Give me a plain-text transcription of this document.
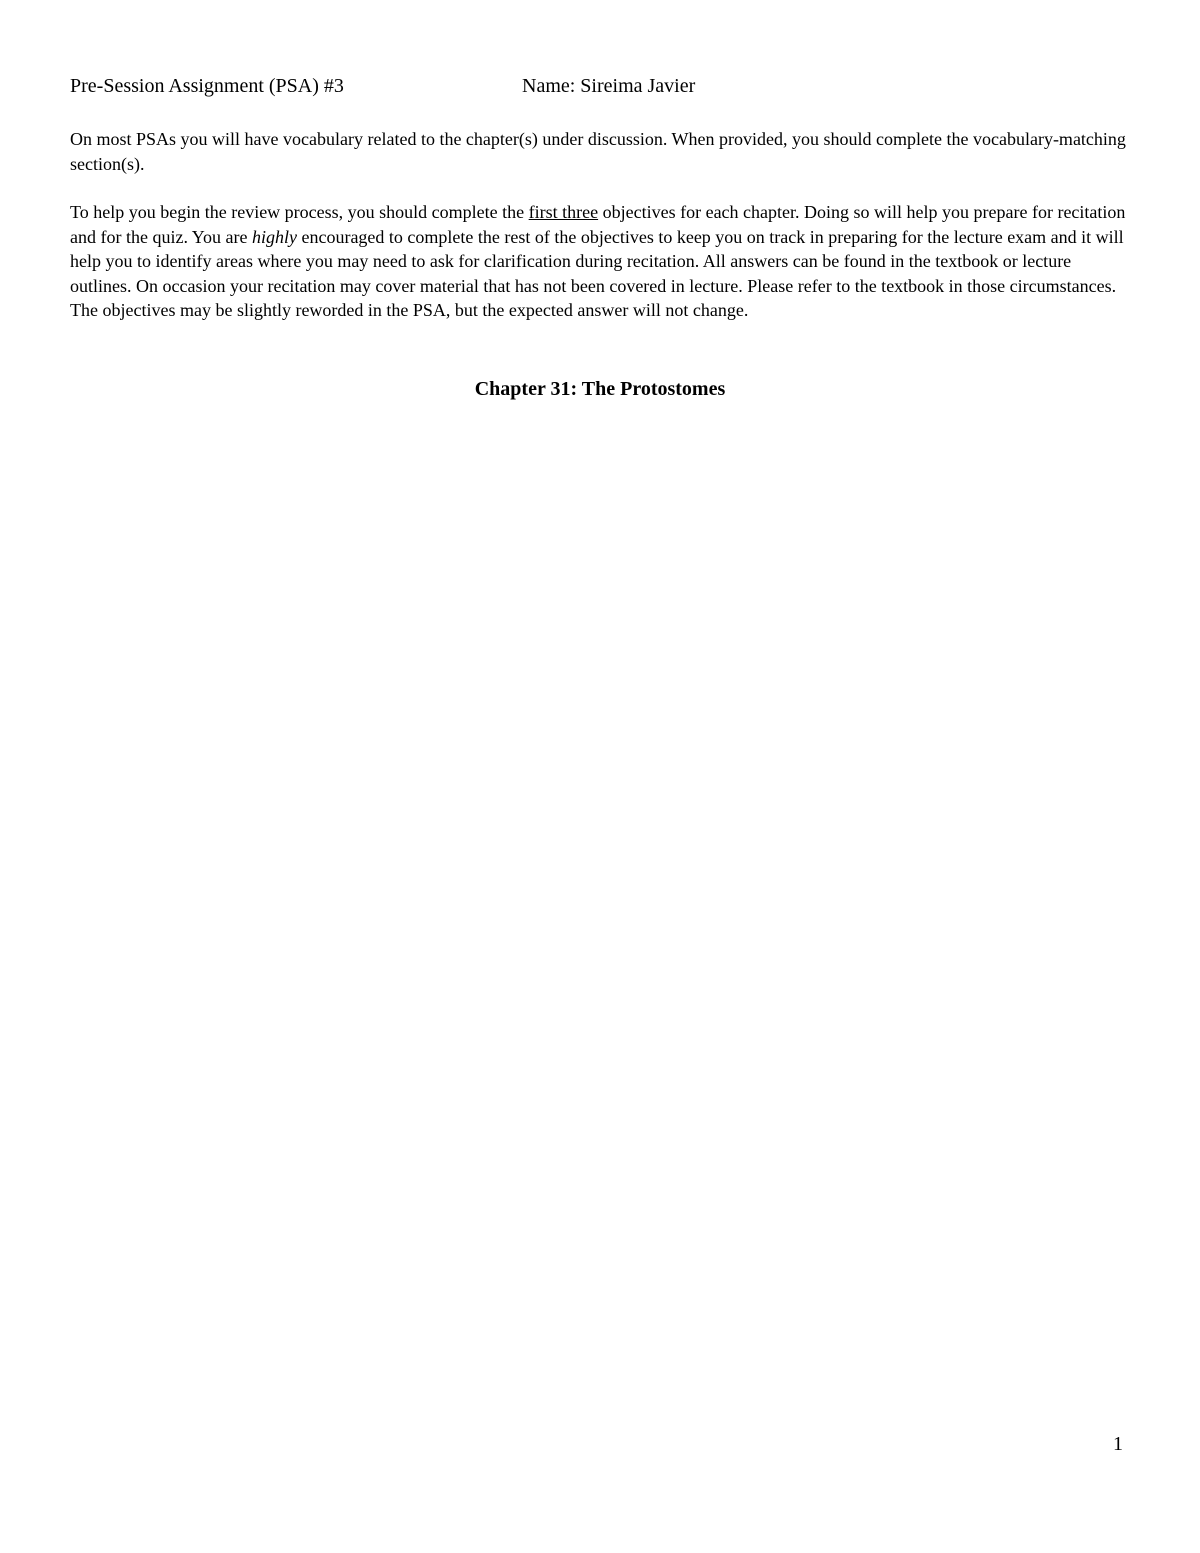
Pre-Session Assignment (PSA) #3	Name: Sireima Javier

On most PSAs you will have vocabulary related to the chapter(s) under discussion. When provided, you should complete the vocabulary-matching section(s).

To help you begin the review process, you should complete the first three objectives for each chapter. Doing so will help you prepare for recitation and for the quiz. You are highly encouraged to complete the rest of the objectives to keep you on track in preparing for the lecture exam and it will help you to identify areas where you may need to ask for clarification during recitation. All answers can be found in the textbook or lecture outlines. On occasion your recitation may cover material that has not been covered in lecture. Please refer to the textbook in those circumstances. The objectives may be slightly reworded in the PSA, but the expected answer will not change.

Chapter 31: The Protostomes
1
